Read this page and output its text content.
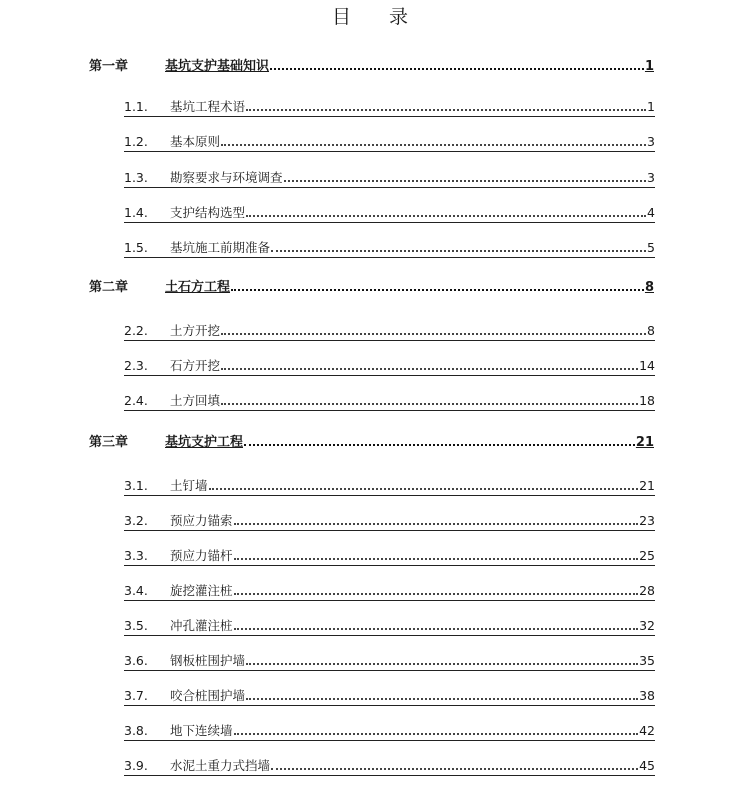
目 录
第一章	基坑支护基础知识	1
1.1.	基坑工程术语	1
1.2.	基本原则	3
1.3.	勘察要求与环境调查	3
1.4.	支护结构选型	4
1.5.	基坑施工前期准备	5
第二章	土石方工程	8
2.2.	土方开挖	8
2.3.	石方开挖	14
2.4.	土方回填	18
第三章	基坑支护工程	21
3.1.	土钉墙	21
3.2.	预应力锚索	23
3.3.	预应力锚杆	25
3.4.	旋挖灌注桩	28
3.5.	冲孔灌注桩	32
3.6.	钢板桩围护墙	35
3.7.	咬合桩围护墙	38
3.8.	地下连续墙	42
3.9.	水泥土重力式挡墙	45
